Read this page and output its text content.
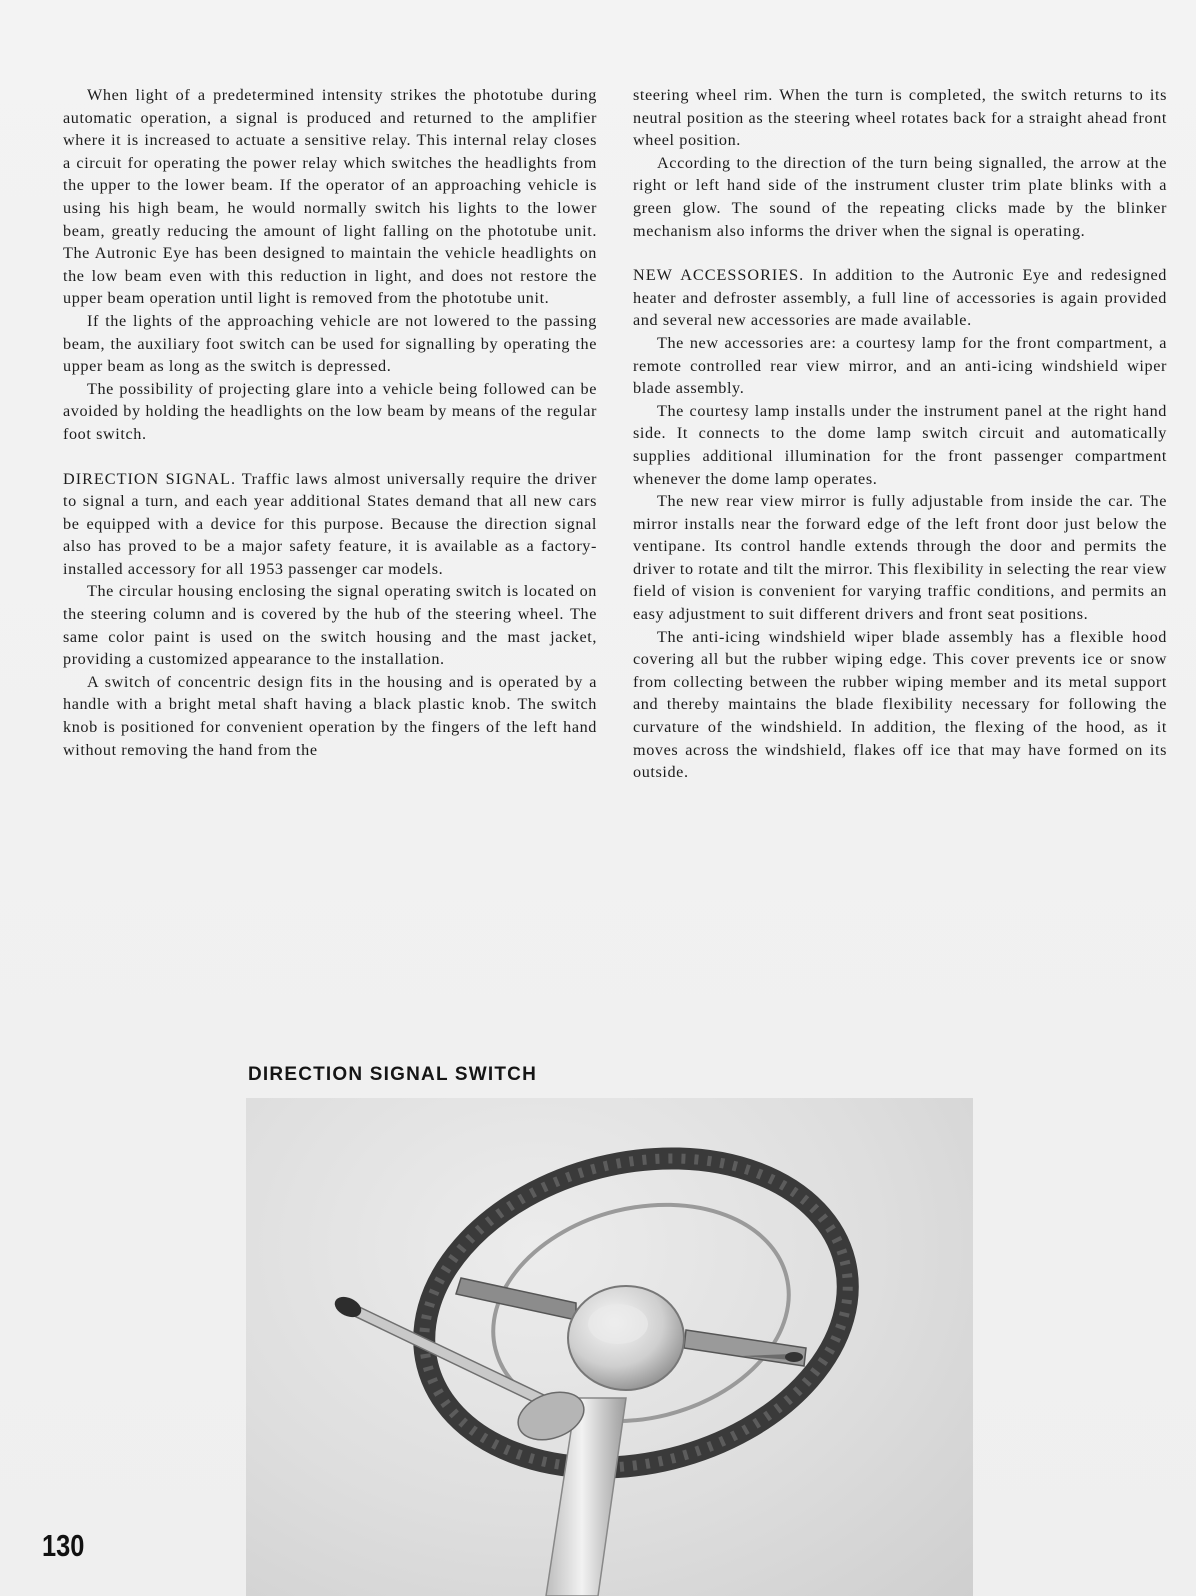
When light of a predetermined intensity strikes the phototube during automatic operation, a signal is produced and returned to the amplifier where it is increased to actuate a sensitive relay. This internal relay closes a circuit for operating the power relay which switches the headlights from the upper to the lower beam. If the operator of an approaching vehicle is using his high beam, he would normally switch his lights to the lower beam, greatly reducing the amount of light falling on the phototube unit. The Autronic Eye has been designed to maintain the vehicle headlights on the low beam even with this reduction in light, and does not restore the upper beam operation until light is removed from the phototube unit.

If the lights of the approaching vehicle are not lowered to the passing beam, the auxiliary foot switch can be used for signalling by operating the upper beam as long as the switch is depressed.

The possibility of projecting glare into a vehicle being followed can be avoided by holding the headlights on the low beam by means of the regular foot switch.

DIRECTION SIGNAL. Traffic laws almost universally require the driver to signal a turn, and each year additional States demand that all new cars be equipped with a device for this purpose. Because the direction signal also has proved to be a major safety feature, it is available as a factory-installed accessory for all 1953 passenger car models.

The circular housing enclosing the signal operating switch is located on the steering column and is covered by the hub of the steering wheel. The same color paint is used on the switch housing and the mast jacket, providing a customized appearance to the installation.

A switch of concentric design fits in the housing and is operated by a handle with a bright metal shaft having a black plastic knob. The switch knob is positioned for convenient operation by the fingers of the left hand without removing the hand from the

steering wheel rim. When the turn is completed, the switch returns to its neutral position as the steering wheel rotates back for a straight ahead front wheel position.

According to the direction of the turn being signalled, the arrow at the right or left hand side of the instrument cluster trim plate blinks with a green glow. The sound of the repeating clicks made by the blinker mechanism also informs the driver when the signal is operating.

NEW ACCESSORIES. In addition to the Autronic Eye and redesigned heater and defroster assembly, a full line of accessories is again provided and several new accessories are made available.

The new accessories are: a courtesy lamp for the front compartment, a remote controlled rear view mirror, and an anti-icing windshield wiper blade assembly.

The courtesy lamp installs under the instrument panel at the right hand side. It connects to the dome lamp switch circuit and automatically supplies additional illumination for the front passenger compartment whenever the dome lamp operates.

The new rear view mirror is fully adjustable from inside the car. The mirror installs near the forward edge of the left front door just below the ventipane. Its control handle extends through the door and permits the driver to rotate and tilt the mirror. This flexibility in selecting the rear view field of vision is convenient for varying traffic conditions, and permits an easy adjustment to suit different drivers and front seat positions.

The anti-icing windshield wiper blade assembly has a flexible hood covering all but the rubber wiping edge. This cover prevents ice or snow from collecting between the rubber wiping member and its metal support and thereby maintains the blade flexibility necessary for following the curvature of the windshield. In addition, the flexing of the hood, as it moves across the windshield, flakes off ice that may have formed on its outside.

DIRECTION SIGNAL SWITCH
130
